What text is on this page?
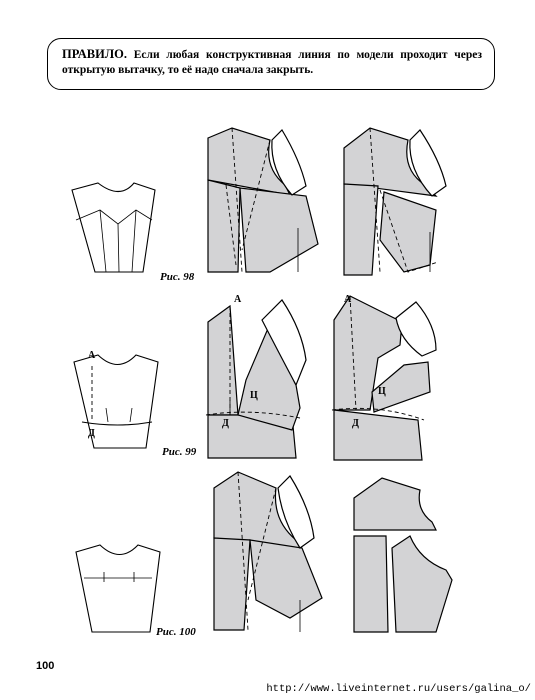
ПРАВИЛО. Если любая конструктивная линия по модели проходит через открытую вытачку, то её надо сначала закрыть.
Рис. 98
А
А
Д
Ц
Д
А
Ц
Д
Рис. 99
Рис. 100
100
http://www.liveinternet.ru/users/galina_o/
